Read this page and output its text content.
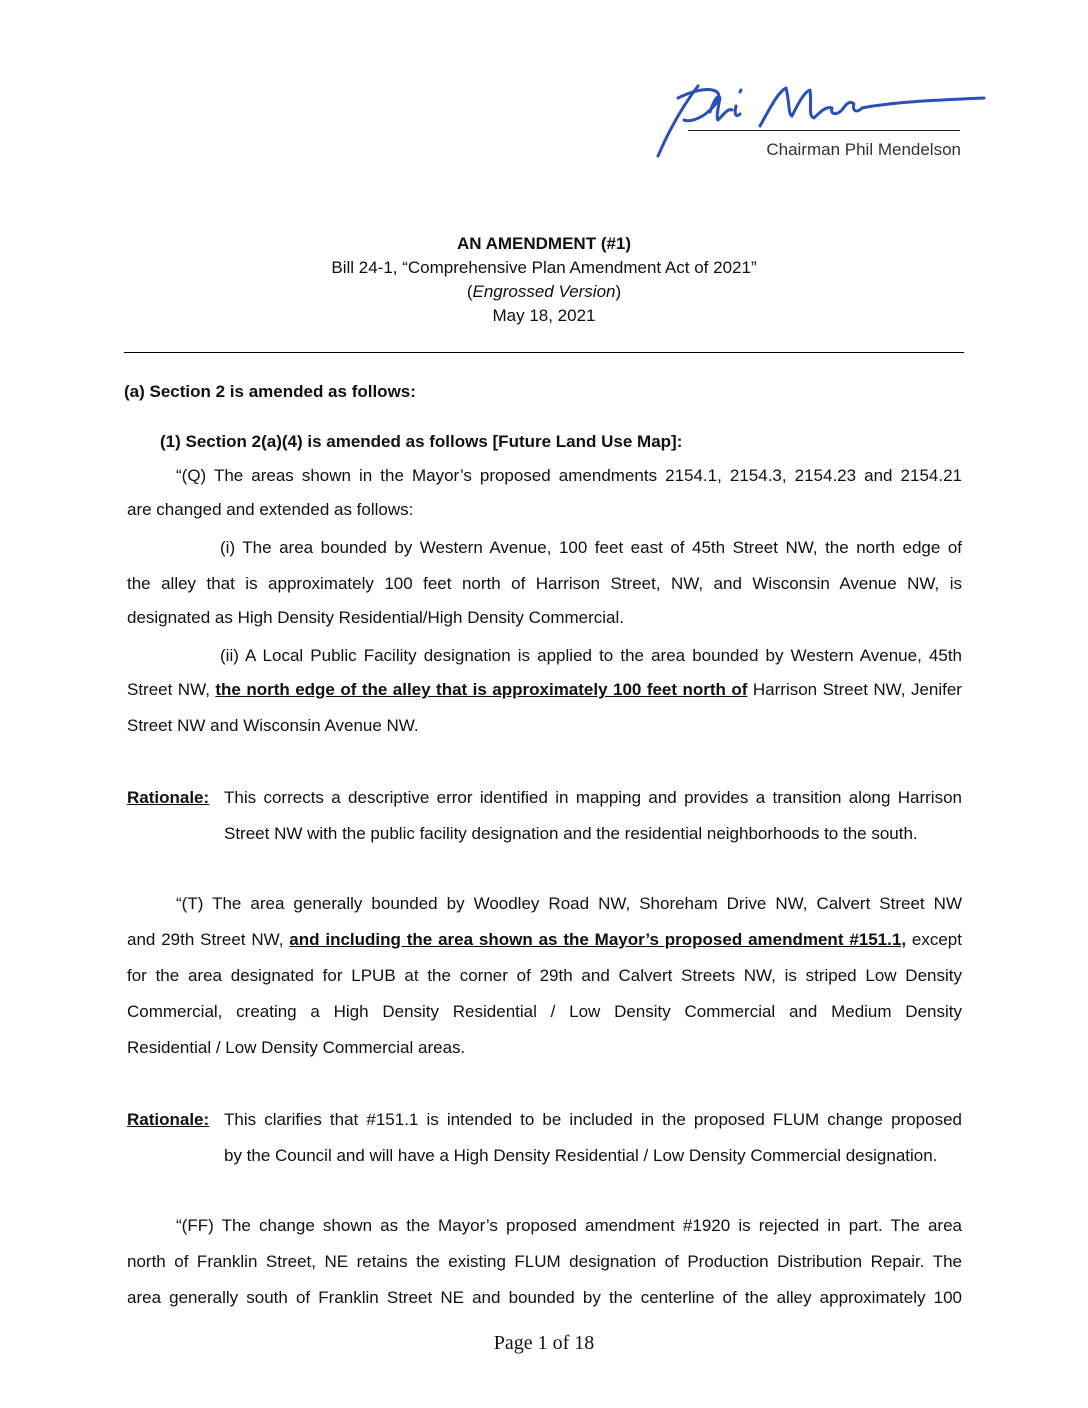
Chairman Phil Mendelson
AN AMENDMENT (#1)
Bill 24-1, “Comprehensive Plan Amendment Act of 2021”
(Engrossed Version)
May 18, 2021
(a) Section 2 is amended as follows:
(1) Section 2(a)(4) is amended as follows [Future Land Use Map]:
“(Q) The areas shown in the Mayor’s proposed amendments 2154.1, 2154.3, 2154.23 and 2154.21
are changed and extended as follows:
(i) The area bounded by Western Avenue, 100 feet east of 45th Street NW, the north edge of
the alley that is approximately 100 feet north of Harrison Street, NW, and Wisconsin Avenue NW, is
designated as High Density Residential/High Density Commercial.
(ii) A Local Public Facility designation is applied to the area bounded by Western Avenue, 45th
Street NW, the north edge of the alley that is approximately 100 feet north of Harrison Street NW, Jenifer
Street NW and Wisconsin Avenue NW.
Rationale: This corrects a descriptive error identified in mapping and provides a transition along Harrison
Street NW with the public facility designation and the residential neighborhoods to the south.
“(T) The area generally bounded by Woodley Road NW, Shoreham Drive NW, Calvert Street NW
and 29th Street NW, and including the area shown as the Mayor’s proposed amendment #151.1, except
for the area designated for LPUB at the corner of 29th and Calvert Streets NW, is striped Low Density
Commercial, creating a High Density Residential / Low Density Commercial and Medium Density
Residential / Low Density Commercial areas.
Rationale: This clarifies that #151.1 is intended to be included in the proposed FLUM change proposed
by the Council and will have a High Density Residential / Low Density Commercial designation.
“(FF) The change shown as the Mayor’s proposed amendment #1920 is rejected in part. The area
north of Franklin Street, NE retains the existing FLUM designation of Production Distribution Repair. The
area generally south of Franklin Street NE and bounded by the centerline of the alley approximately 100
Page 1 of 18
